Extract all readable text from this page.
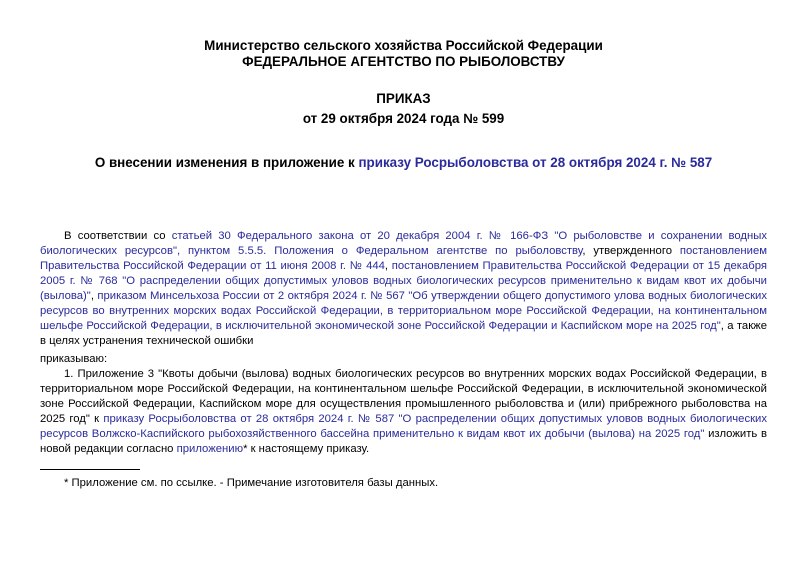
Министерство сельского хозяйства Российской Федерации
ФЕДЕРАЛЬНОЕ АГЕНТСТВО ПО РЫБОЛОВСТВУ
ПРИКАЗ
от 29 октября 2024 года № 599
О внесении изменения в приложение к приказу Росрыболовства от 28 октября 2024 г. № 587
В соответствии со статьей 30 Федерального закона от 20 декабря 2004 г. № 166-ФЗ "О рыболовстве и сохранении водных биологических ресурсов", пунктом 5.5.5. Положения о Федеральном агентстве по рыболовству, утвержденного постановлением Правительства Российской Федерации от 11 июня 2008 г. № 444, постановлением Правительства Российской Федерации от 15 декабря 2005 г. № 768 "О распределении общих допустимых уловов водных биологических ресурсов применительно к видам квот их добычи (вылова)", приказом Минсельхоза России от 2 октября 2024 г. № 567 "Об утверждении общего допустимого улова водных биологических ресурсов во внутренних морских водах Российской Федерации, в территориальном море Российской Федерации, на континентальном шельфе Российской Федерации, в исключительной экономической зоне Российской Федерации и Каспийском море на 2025 год", а также в целях устранения технической ошибки
приказываю:
1. Приложение 3 "Квоты добычи (вылова) водных биологических ресурсов во внутренних морских водах Российской Федерации, в территориальном море Российской Федерации, на континентальном шельфе Российской Федерации, в исключительной экономической зоне Российской Федерации, Каспийском море для осуществления промышленного рыболовства и (или) прибрежного рыболовства на 2025 год" к приказу Росрыболовства от 28 октября 2024 г. № 587 "О распределении общих допустимых уловов водных биологических ресурсов Волжско-Каспийского рыбохозяйственного бассейна применительно к видам квот их добычи (вылова) на 2025 год" изложить в новой редакции согласно приложению* к настоящему приказу.
* Приложение см. по ссылке. - Примечание изготовителя базы данных.
